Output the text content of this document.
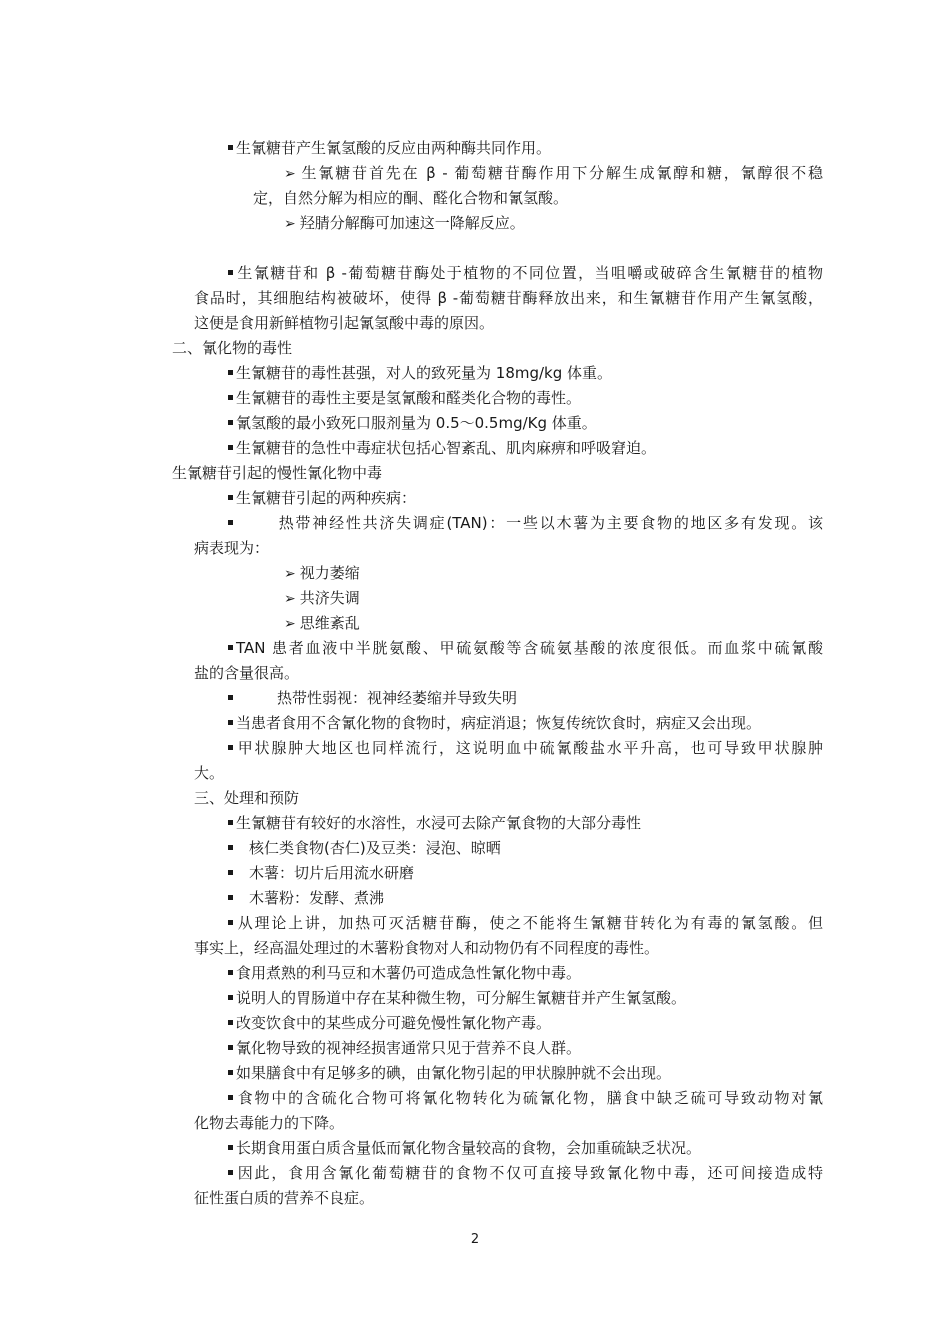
生氰糖苷产生氰氢酸的反应由两种酶共同作用。
➢ 生氰糖苷首先在 β - 葡萄糖苷酶作用下分解生成氰醇和糖，氰醇很不稳
定，自然分解为相应的酮、醛化合物和氰氢酸。
➢ 羟腈分解酶可加速这一降解反应。
生氰糖苷和 β -葡萄糖苷酶处于植物的不同位置，当咀嚼或破碎含生氰糖苷的植物
食品时，其细胞结构被破坏，使得 β -葡萄糖苷酶释放出来，和生氰糖苷作用产生氰氢酸，
这便是食用新鲜植物引起氰氢酸中毒的原因。
二、氰化物的毒性
生氰糖苷的毒性甚强，对人的致死量为 18mg/kg 体重。
生氰糖苷的毒性主要是氢氰酸和醛类化合物的毒性。
氰氢酸的最小致死口服剂量为 0.5～0.5mg/Kg 体重。
生氰糖苷的急性中毒症状包括心智紊乱、肌肉麻痹和呼吸窘迫。
生氰糖苷引起的慢性氰化物中毒
生氰糖苷引起的两种疾病：
热带神经性共济失调症(TAN)：一些以木薯为主要食物的地区多有发现。该
病表现为：
➢ 视力萎缩
➢ 共济失调
➢ 思维紊乱
TAN 患者血液中半胱氨酸、甲硫氨酸等含硫氨基酸的浓度很低。而血浆中硫氰酸
盐的含量很高。
热带性弱视：视神经萎缩并导致失明
当患者食用不含氰化物的食物时，病症消退；恢复传统饮食时，病症又会出现。
甲状腺肿大地区也同样流行，这说明血中硫氰酸盐水平升高，也可导致甲状腺肿
大。
三、处理和预防
生氰糖苷有较好的水溶性，水浸可去除产氰食物的大部分毒性
核仁类食物(杏仁)及豆类：浸泡、晾晒
木薯：切片后用流水研磨
木薯粉：发酵、煮沸
从理论上讲，加热可灭活糖苷酶，使之不能将生氰糖苷转化为有毒的氰氢酸。但
事实上，经高温处理过的木薯粉食物对人和动物仍有不同程度的毒性。
食用煮熟的利马豆和木薯仍可造成急性氰化物中毒。
说明人的胃肠道中存在某种微生物，可分解生氰糖苷并产生氰氢酸。
改变饮食中的某些成分可避免慢性氰化物产毒。
氰化物导致的视神经损害通常只见于营养不良人群。
如果膳食中有足够多的碘，由氰化物引起的甲状腺肿就不会出现。
食物中的含硫化合物可将氰化物转化为硫氰化物，膳食中缺乏硫可导致动物对氰
化物去毒能力的下降。
长期食用蛋白质含量低而氰化物含量较高的食物，会加重硫缺乏状况。
因此，食用含氰化葡萄糖苷的食物不仅可直接导致氰化物中毒，还可间接造成特
征性蛋白质的营养不良症。
2
